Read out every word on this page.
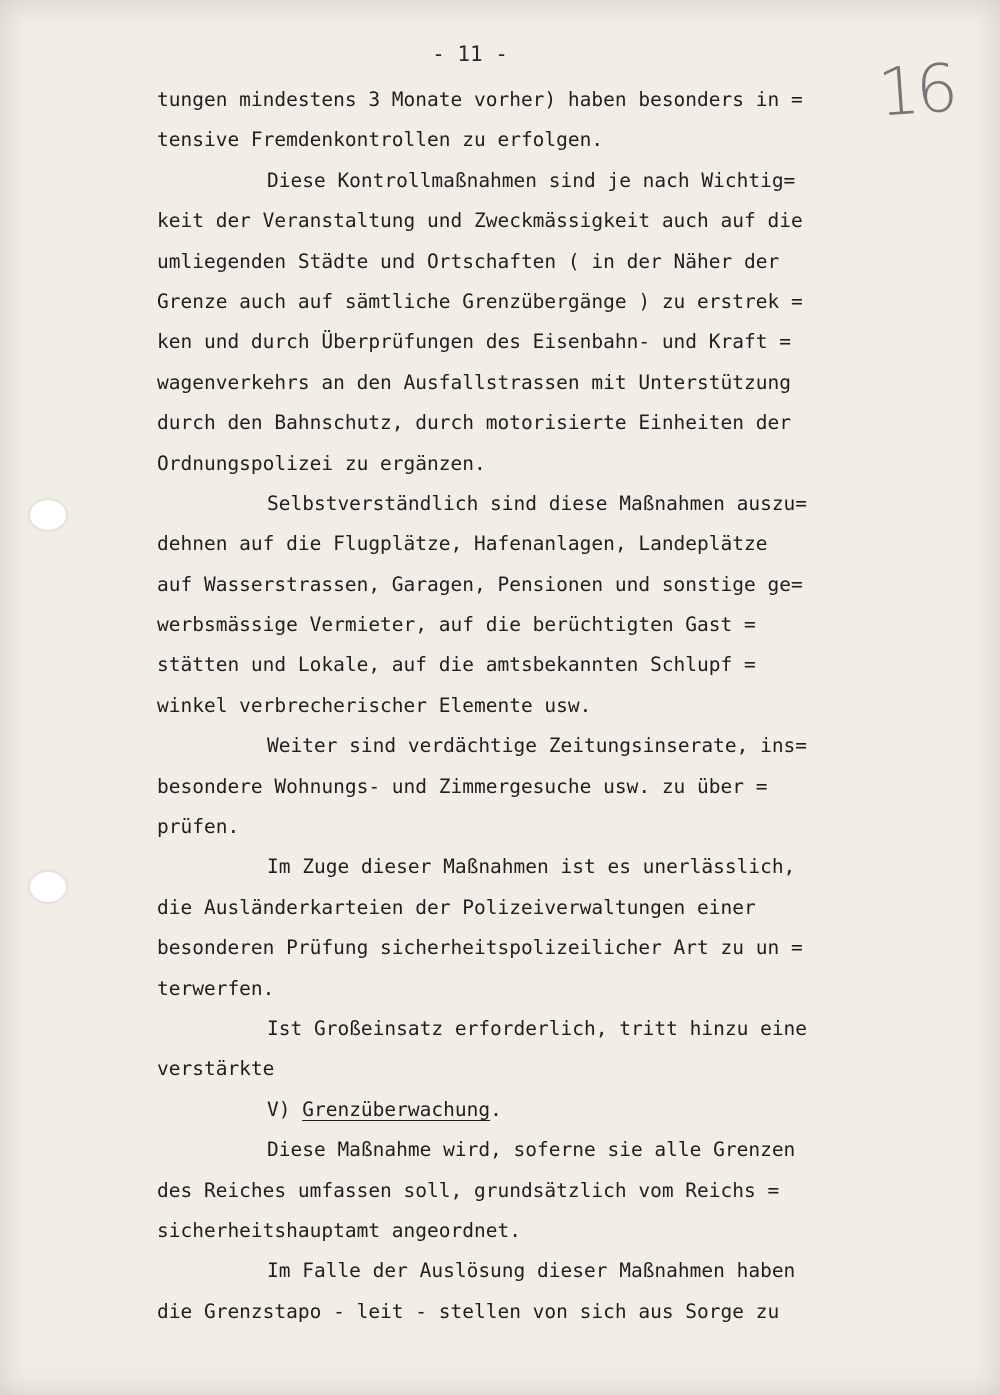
- 11 -	16
tungen mindestens 3 Monate vorher) haben besonders in =
tensive Fremdenkontrollen zu erfolgen.
Diese Kontrollmaßnahmen sind je nach Wichtig=
keit der Veranstaltung und Zweckmässigkeit auch auf die
umliegenden Städte und Ortschaften ( in der Näher der
Grenze auch auf sämtliche Grenzübergänge ) zu erstrek =
ken und durch Überprüfungen des Eisenbahn- und Kraft =
wagenverkehrs an den Ausfallstrassen mit Unterstützung
durch den Bahnschutz, durch motorisierte Einheiten der
Ordnungspolizei zu ergänzen.
Selbstverständlich sind diese Maßnahmen auszu=
dehnen auf die Flugplätze, Hafenanlagen, Landeplätze
auf Wasserstrassen, Garagen, Pensionen und sonstige ge=
werbsmässige Vermieter, auf die berüchtigten Gast =
stätten und Lokale, auf die amtsbekannten Schlupf =
winkel verbrecherischer Elemente usw.
Weiter sind verdächtige Zeitungsinserate, ins=
besondere Wohnungs- und Zimmergesuche usw. zu über =
prüfen.
Im Zuge dieser Maßnahmen ist es unerlässlich,
die Ausländerkarteien der Polizeiverwaltungen einer
besonderen Prüfung sicherheitspolizeilicher Art zu un =
terwerfen.
Ist Großeinsatz erforderlich, tritt hinzu eine
verstärkte
V) Grenzüberwachung.
Diese Maßnahme wird, soferne sie alle Grenzen
des Reiches umfassen soll, grundsätzlich vom Reichs =
sicherheitshauptamt angeordnet.
Im Falle der Auslösung dieser Maßnahmen haben
die Grenzstapo - leit - stellen von sich aus Sorge zu
